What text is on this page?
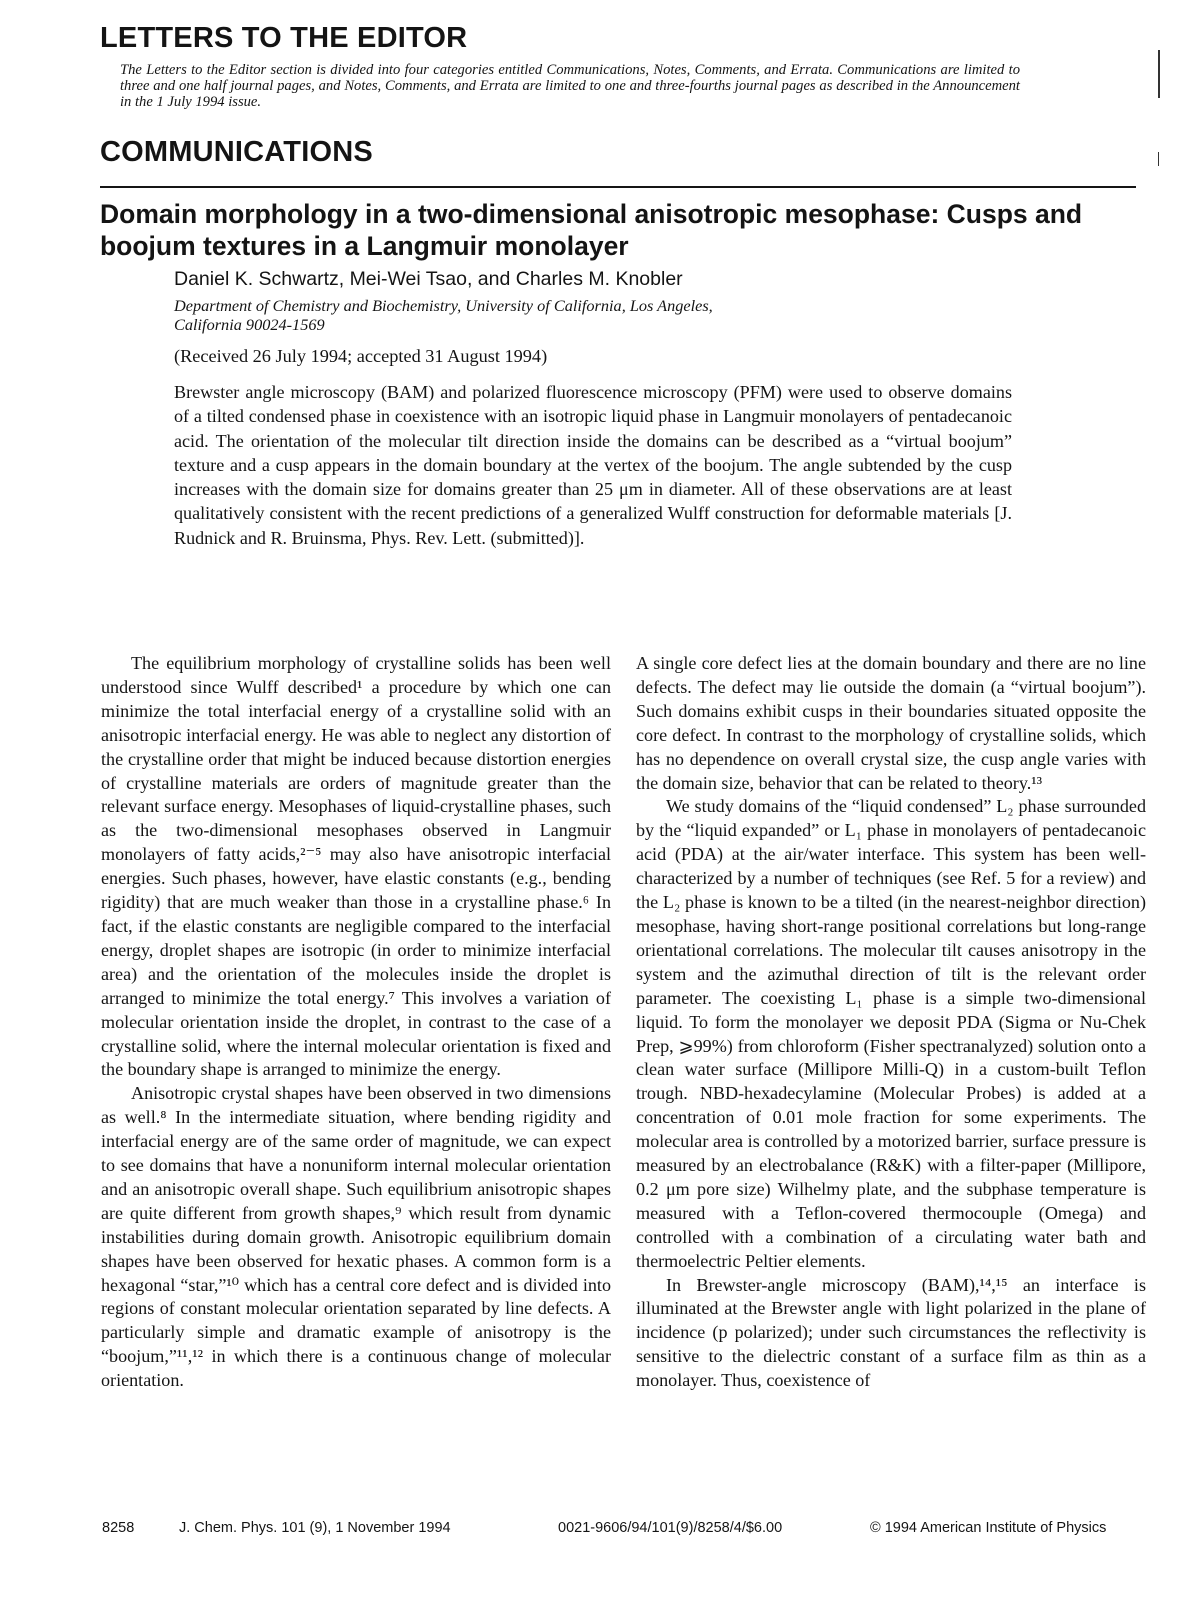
LETTERS TO THE EDITOR
The Letters to the Editor section is divided into four categories entitled Communications, Notes, Comments, and Errata. Communications are limited to three and one half journal pages, and Notes, Comments, and Errata are limited to one and three-fourths journal pages as described in the Announcement in the 1 July 1994 issue.
COMMUNICATIONS
Domain morphology in a two-dimensional anisotropic mesophase: Cusps and boojum textures in a Langmuir monolayer
Daniel K. Schwartz, Mei-Wei Tsao, and Charles M. Knobler
Department of Chemistry and Biochemistry, University of California, Los Angeles,
California 90024-1569
(Received 26 July 1994; accepted 31 August 1994)
Brewster angle microscopy (BAM) and polarized fluorescence microscopy (PFM) were used to observe domains of a tilted condensed phase in coexistence with an isotropic liquid phase in Langmuir monolayers of pentadecanoic acid. The orientation of the molecular tilt direction inside the domains can be described as a “virtual boojum” texture and a cusp appears in the domain boundary at the vertex of the boojum. The angle subtended by the cusp increases with the domain size for domains greater than 25 μm in diameter. All of these observations are at least qualitatively consistent with the recent predictions of a generalized Wulff construction for deformable materials [J. Rudnick and R. Bruinsma, Phys. Rev. Lett. (submitted)].

The equilibrium morphology of crystalline solids has been well understood since Wulff described¹ a procedure by which one can minimize the total interfacial energy of a crystalline solid with an anisotropic interfacial energy. He was able to neglect any distortion of the crystalline order that might be induced because distortion energies of crystalline materials are orders of magnitude greater than the relevant surface energy. Mesophases of liquid-crystalline phases, such as the two-dimensional mesophases observed in Langmuir monolayers of fatty acids,²⁻⁵ may also have anisotropic interfacial energies. Such phases, however, have elastic constants (e.g., bending rigidity) that are much weaker than those in a crystalline phase.⁶ In fact, if the elastic constants are negligible compared to the interfacial energy, droplet shapes are isotropic (in order to minimize interfacial area) and the orientation of the molecules inside the droplet is arranged to minimize the total energy.⁷ This involves a variation of molecular orientation inside the droplet, in contrast to the case of a crystalline solid, where the internal molecular orientation is fixed and the boundary shape is arranged to minimize the energy.

Anisotropic crystal shapes have been observed in two dimensions as well.⁸ In the intermediate situation, where bending rigidity and interfacial energy are of the same order of magnitude, we can expect to see domains that have a nonuniform internal molecular orientation and an anisotropic overall shape. Such equilibrium anisotropic shapes are quite different from growth shapes,⁹ which result from dynamic instabilities during domain growth. Anisotropic equilibrium domain shapes have been observed for hexatic phases. A common form is a hexagonal “star,”¹⁰ which has a central core defect and is divided into regions of constant molecular orientation separated by line defects. A particularly simple and dramatic example of anisotropy is the “boojum,”¹¹,¹² in which there is a continuous change of molecular orientation.

A single core defect lies at the domain boundary and there are no line defects. The defect may lie outside the domain (a “virtual boojum”). Such domains exhibit cusps in their boundaries situated opposite the core defect. In contrast to the morphology of crystalline solids, which has no dependence on overall crystal size, the cusp angle varies with the domain size, behavior that can be related to theory.¹³

We study domains of the “liquid condensed” L₂ phase surrounded by the “liquid expanded” or L₁ phase in monolayers of pentadecanoic acid (PDA) at the air/water interface. This system has been well-characterized by a number of techniques (see Ref. 5 for a review) and the L₂ phase is known to be a tilted (in the nearest-neighbor direction) mesophase, having short-range positional correlations but long-range orientational correlations. The molecular tilt causes anisotropy in the system and the azimuthal direction of tilt is the relevant order parameter. The coexisting L₁ phase is a simple two-dimensional liquid. To form the monolayer we deposit PDA (Sigma or Nu-Chek Prep, ⩾99%) from chloroform (Fisher spectranalyzed) solution onto a clean water surface (Millipore Milli-Q) in a custom-built Teflon trough. NBD-hexadecylamine (Molecular Probes) is added at a concentration of 0.01 mole fraction for some experiments. The molecular area is controlled by a motorized barrier, surface pressure is measured by an electrobalance (R&K) with a filter-paper (Millipore, 0.2 μm pore size) Wilhelmy plate, and the subphase temperature is measured with a Teflon-covered thermocouple (Omega) and controlled with a combination of a circulating water bath and thermoelectric Peltier elements.

In Brewster-angle microscopy (BAM),¹⁴,¹⁵ an interface is illuminated at the Brewster angle with light polarized in the plane of incidence (p polarized); under such circumstances the reflectivity is sensitive to the dielectric constant of a surface film as thin as a monolayer. Thus, coexistence of

8258	J. Chem. Phys. 101 (9), 1 November 1994	0021-9606/94/101(9)/8258/4/$6.00	© 1994 American Institute of Physics
